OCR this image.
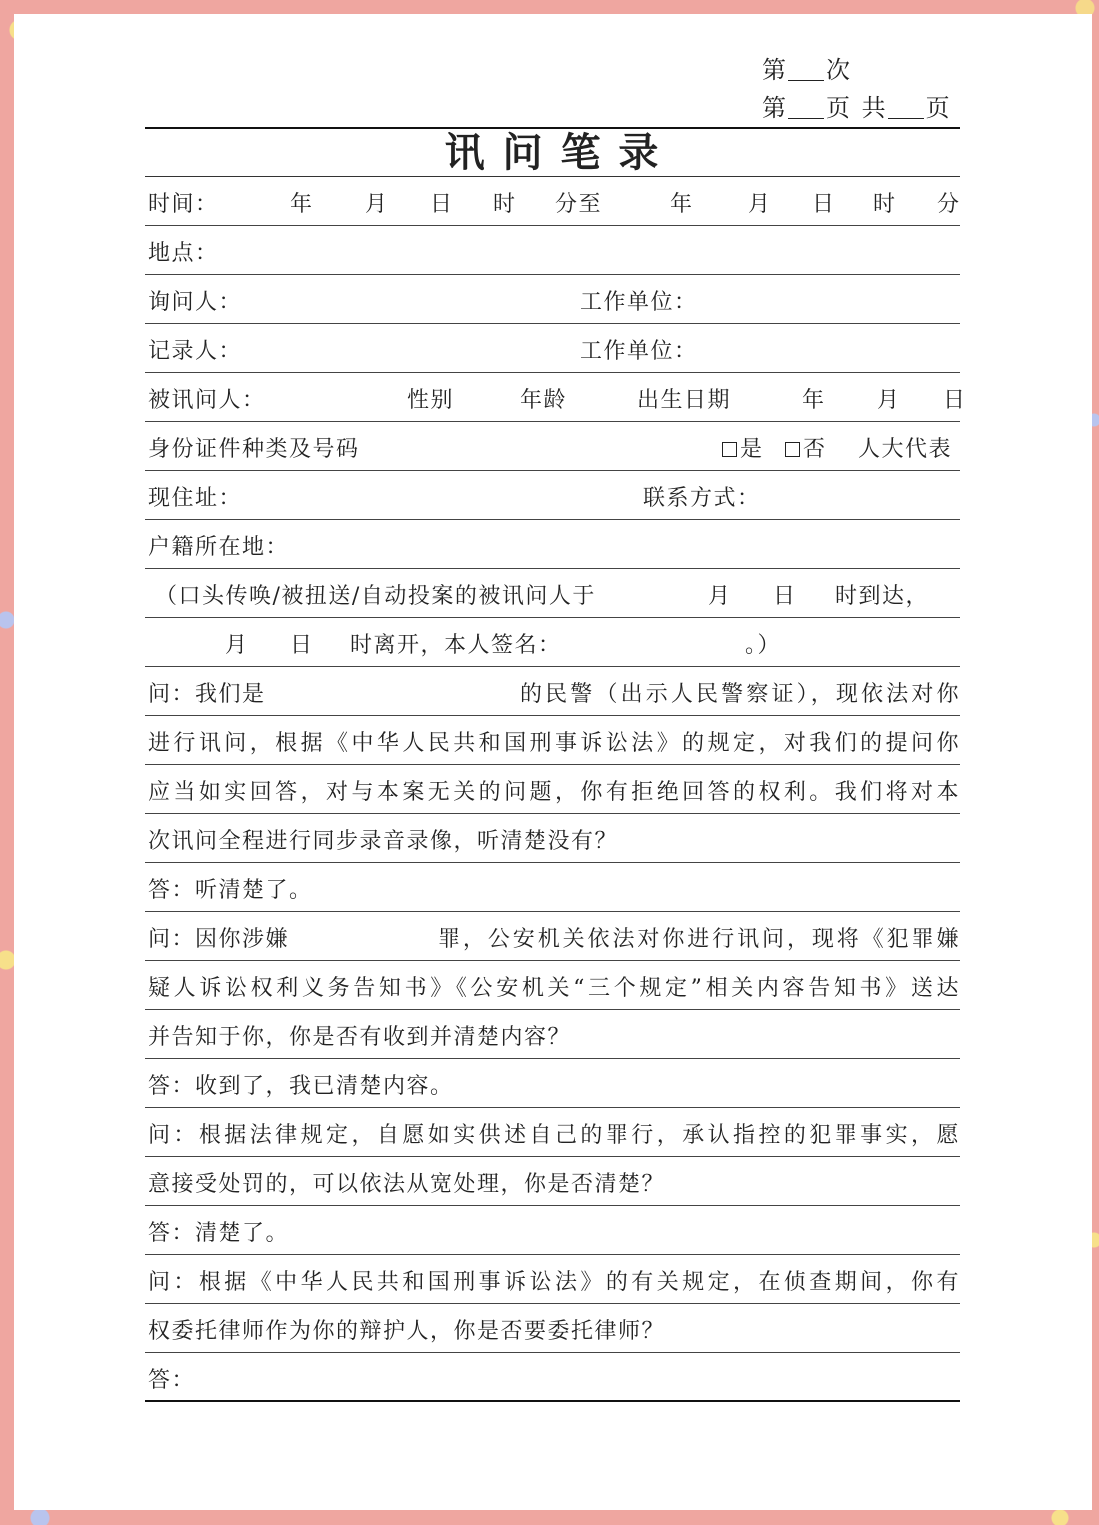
第 次
第 页 共 页
讯 问 笔 录
时间：	年 月 日 时 分至	年 月 日 时 分
地点：
询问人：	工作单位：
记录人：	工作单位：
被讯问人：	性别	年龄	出生日期	年 月 日
身份证件种类及号码	是	否 人大代表
现住址：	联系方式：
户籍所在地：
（口头传唤/被扭送/自动投案的被讯问人于	月 日 时到达，
月 日 时离开，本人签名：	。）
问：我们是	的民警（出示人民警察证），现依法对你
进行讯问，根据《中华人民共和国刑事诉讼法》的规定，对我们的提问你
应当如实回答，对与本案无关的问题，你有拒绝回答的权利。我们将对本
次讯问全程进行同步录音录像，听清楚没有？
答：听清楚了。
问：因你涉嫌	罪，公安机关依法对你进行讯问，现将《犯罪嫌
疑人诉讼权利义务告知书》《公安机关“三个规定”相关内容告知书》送达
并告知于你，你是否有收到并清楚内容？
答：收到了，我已清楚内容。
问：根据法律规定，自愿如实供述自己的罪行，承认指控的犯罪事实，愿
意接受处罚的，可以依法从宽处理，你是否清楚？
答：清楚了。
问：根据《中华人民共和国刑事诉讼法》的有关规定，在侦查期间，你有
权委托律师作为你的辩护人，你是否要委托律师？
答：
